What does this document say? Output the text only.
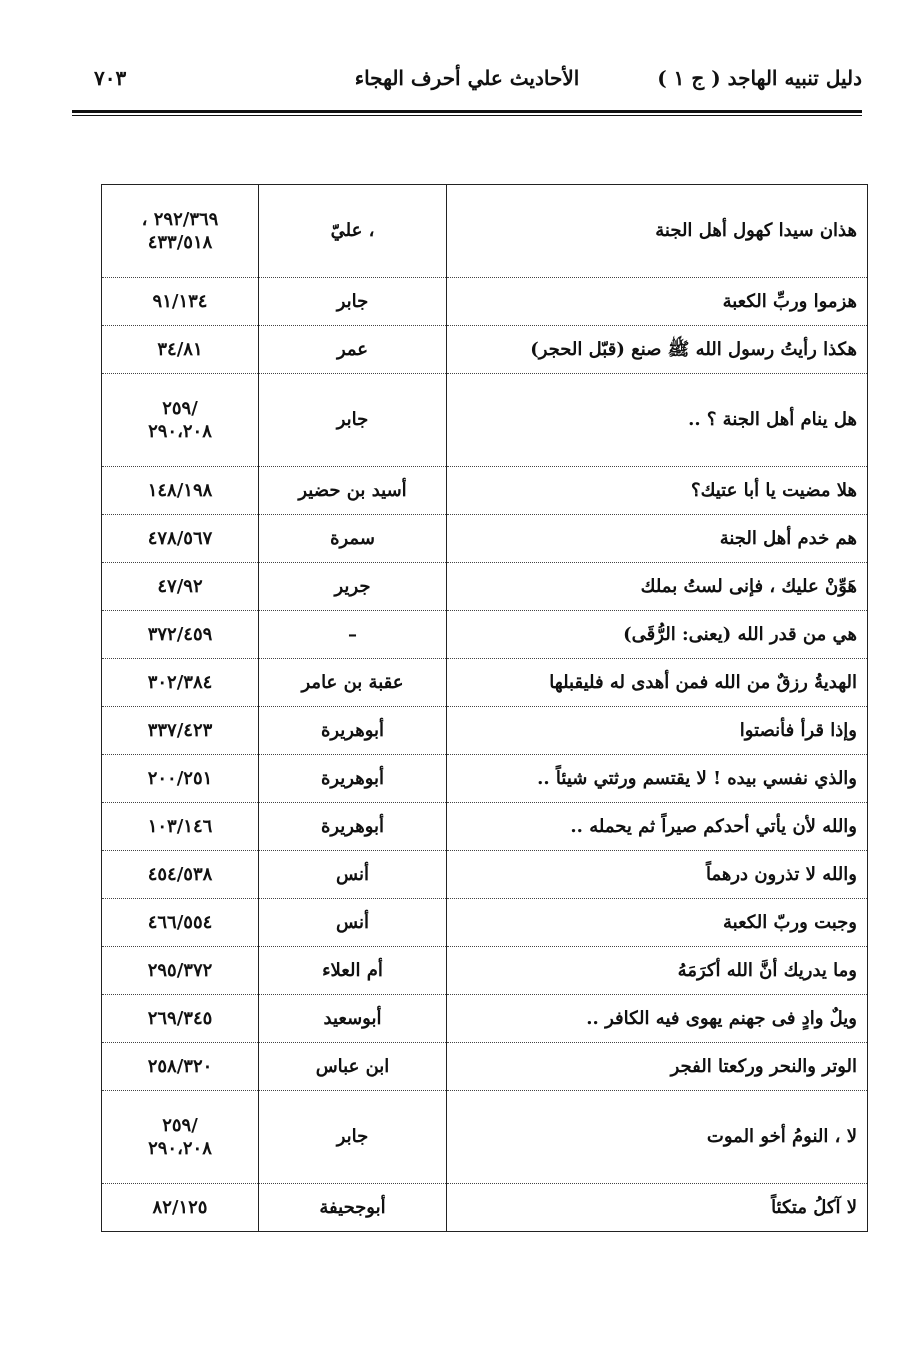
دليل تنبيه الهاجد ( ج ١ )
الأحاديث علي أحرف الهجاء
٧٠٣
هذان سيدا كهول أهل الجنة	، عليّ	٢٩٢/٣٦٩ ،
٤٣٣/٥١٨

هزموا وربِّ الكعبة	جابر	٩١/١٣٤

هكذا رأيتُ رسول الله ﷺ صنع (قبّل الحجر)	عمر	٣٤/٨١

هل ينام أهل الجنة ؟ ..	جابر	/٢٥٩
٢٩٠،٢٠٨

هلا مضيت يا أبا عتيك؟	أسيد بن حضير	١٤٨/١٩٨

هم خدم أهل الجنة	سمرة	٤٧٨/٥٦٧

هَوِّنْ عليك ، فإنى لستُ بملك	جرير	٤٧/٩٢

هي من قدر الله (يعنى: الرُّقَى)	–	٣٧٢/٤٥٩

الهديةُ رزقٌ من الله فمن أهدى له فليقبلها	عقبة بن عامر	٣٠٢/٣٨٤

وإذا قرأ فأنصتوا	أبوهريرة	٣٣٧/٤٢٣

والذي نفسي بيده ! لا يقتسم ورثتي شيئاً ..	أبوهريرة	٢٠٠/٢٥١

والله لأن يأتي أحدكم صيراً ثم يحمله ..	أبوهريرة	١٠٣/١٤٦

والله لا تذرون درهماً	أنس	٤٥٤/٥٣٨

وجبت وربّ الكعبة	أنس	٤٦٦/٥٥٤

وما يدريك أنَّ الله أكرَمَهُ	أم العلاء	٢٩٥/٣٧٢

ويلٌ وادٍ فى جهنم يهوى فيه الكافر ..	أبوسعيد	٢٦٩/٣٤٥

الوتر والنحر وركعتا الفجر	ابن عباس	٢٥٨/٣٢٠

لا ، النومُ أخو الموت	جابر	/٢٥٩
٢٩٠،٢٠٨

لا آكلُ متكئاً	أبوجحيفة	٨٢/١٢٥
